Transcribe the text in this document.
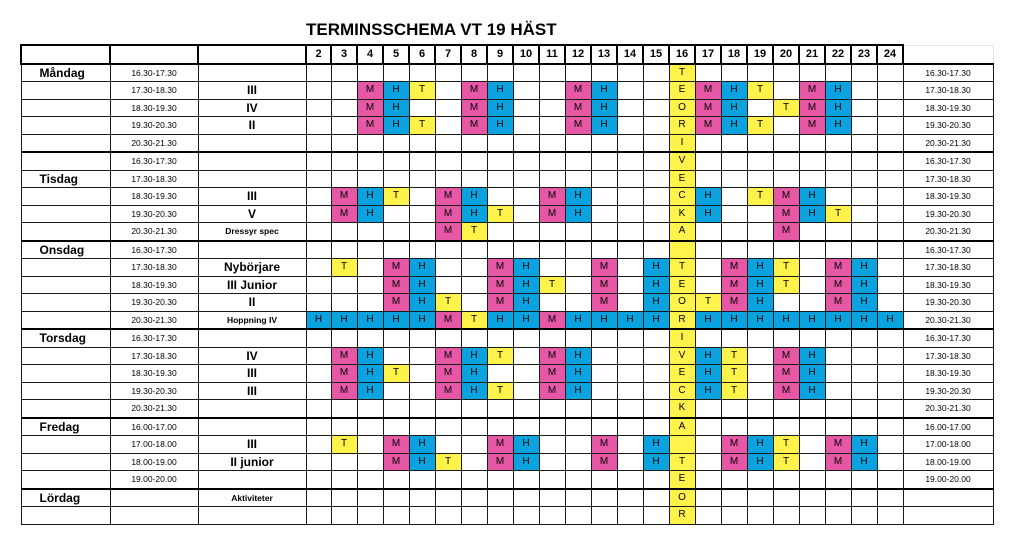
TERMINSSCHEMA VT 19 HÄST
			2	3	4	5	6	7	8	9	10	11	12	13	14	15	16	17	18	19	20	21	22	23	24	
Måndag	16.30-17.30																T									16.30-17.30
	17.30-18.30	III			M	H	T		M	H			M	H			E	M	H	T		M	H			17.30-18.30
	18.30-19.30	IV			M	H			M	H			M	H			O	M	H		T	M	H			18.30-19.30
	19.30-20.30	II			M	H	T		M	H			M	H			R	M	H	T		M	H			19.30-20.30
	20.30-21.30																I									20.30-21.30
	16.30-17.30																V									16.30-17.30
Tisdag	17.30-18.30																E									17.30-18.30
	18.30-19.30	III		M	H	T		M	H			M	H				C	H		T	M	H				18.30-19.30
	19.30-20.30	V		M	H			M	H	T		M	H				K	H			M	H	T			19.30-20.30
	20.30-21.30	Dressyr spec						M	T								A				M					20.30-21.30
Onsdag	16.30-17.30																									16.30-17.30
	17.30-18.30	Nybörjare		T		M	H			M	H			M		H	T		M	H	T		M	H		17.30-18.30
	18.30-19.30	III Junior				M	H			M	H	T		M		H	E		M	H	T		M	H		18.30-19.30
	19.30-20.30	II				M	H	T		M	H			M		H	O	T	M	H			M	H		19.30-20.30
	20.30-21.30	Hoppning IV	H	H	H	H	H	M	T	H	H	M	H	H	H	H	R	H	H	H	H	H	H	H	H	20.30-21.30
Torsdag	16.30-17.30																I									16.30-17.30
	17.30-18.30	IV		M	H			M	H	T		M	H				V	H	T		M	H				17.30-18.30
	18.30-19.30	III		M	H	T		M	H			M	H				E	H	T		M	H				18.30-19.30
	19.30-20.30	III		M	H			M	H	T		M	H				C	H	T		M	H				19.30-20.30
	20.30-21.30																K									20.30-21.30
Fredag	16.00-17.00																A									16.00-17.00
	17.00-18.00	III		T		M	H			M	H			M		H			M	H	T		M	H		17.00-18.00
	18.00-19.00	II junior				M	H	T		M	H			M		H	T		M	H	T		M	H		18.00-19.00
	19.00-20.00																E									19.00-20.00
Lördag		Aktiviteter															O									
																	R									
